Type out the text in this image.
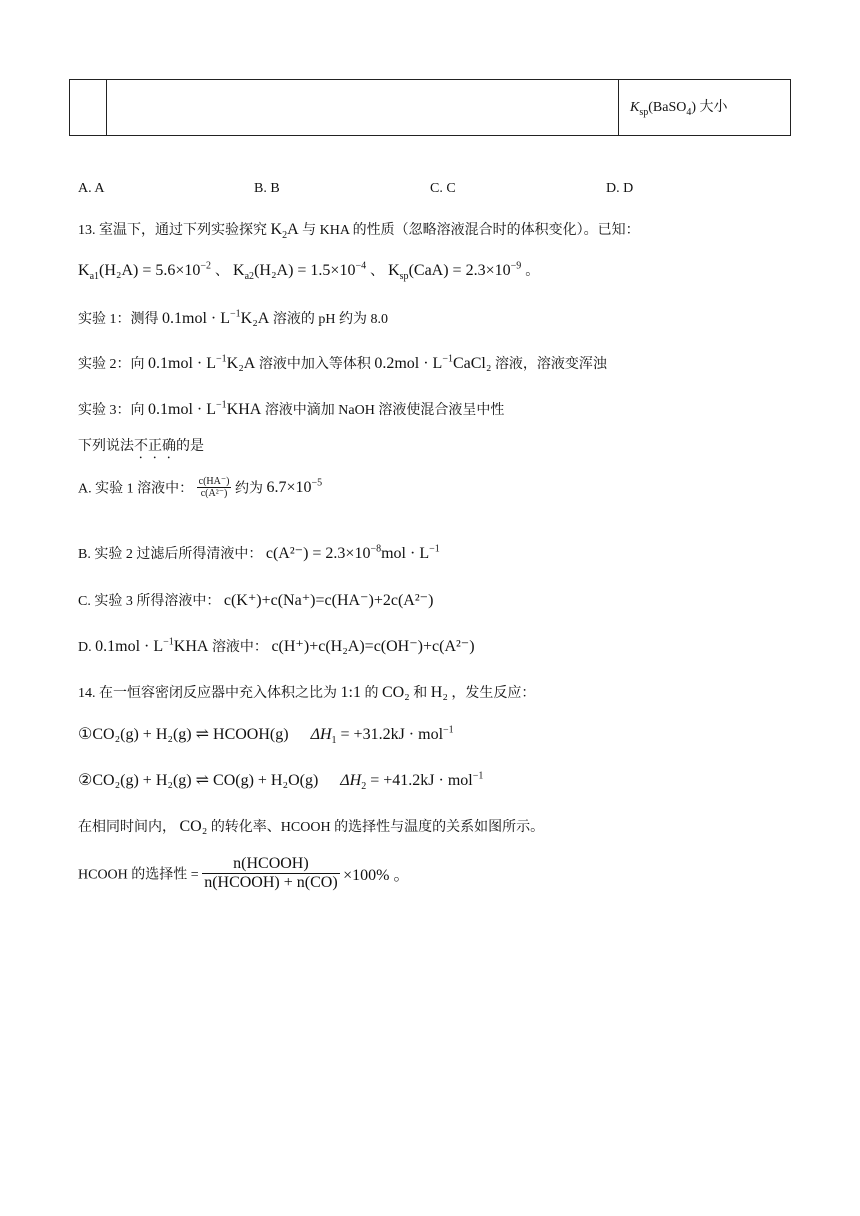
$K_{sp}(BaSO_4)$ 大小
A. A	B. B	C. C	D. D
13. 室温下，通过下列实验探究 $K_2A$ 与 KHA 的性质（忽略溶液混合时的体积变化）。已知：
$K_{a1}(H_2A) = 5.6\times 10^{-2}$ 、 $K_{a2}(H_2A) = 1.5\times 10^{-4}$ 、 $K_{sp}(CaA) = 2.3\times 10^{-9}$ 。
实验 1：测得 $0.1mol \cdot L^{-1}K_2A$ 溶液的 pH 约为 8.0
实验 2：向 $0.1mol \cdot L^{-1}K_2A$ 溶液中加入等体积 $0.2mol \cdot L^{-1}CaCl_2$ 溶液，溶液变浑浊
实验 3：向 $0.1mol \cdot L^{-1}KHA$ 溶液中滴加 NaOH 溶液使混合液呈中性
下列说法不正确的是
A. 实验 1 溶液中： $\frac{c(HA^-)}{\text{c(A²⁻)}}$ 约为 $6.7\times 10^{-5}$
B. 实验 2 过滤后所得清液中： $c(A^{2-}) = 2.3\times 10^{-8}mol \cdot L^{-1}$
C. 实验 3 所得溶液中： c(K⁺)+c(Na⁺)=c(HA⁻)+2c(A²⁻)
D. $0.1mol \cdot L^{-1}KHA$ 溶液中： c(H⁺)+c(H₂A)=c(OH⁻)+c(A²⁻)
14. 在一恒容密闭反应器中充入体积之比为 1:1 的 CO₂ 和 H₂ ，发生反应：
①CO₂(g) + H₂(g) ⇌ HCOOH(g) $\Delta H_1 = +31.2kJ \cdot mol^{-1}$
②CO₂(g) + H₂(g) ⇌ CO(g) + H₂O(g) $\Delta H_2 = +41.2kJ \cdot mol^{-1}$
在相同时间内， CO₂ 的转化率、HCOOH 的选择性与温度的关系如图所示。
HCOOH 的选择性 = $\frac{\text{n(HCOOH)}}{\text{n(HCOOH) + n(CO)}} \times 100\%$ 。
